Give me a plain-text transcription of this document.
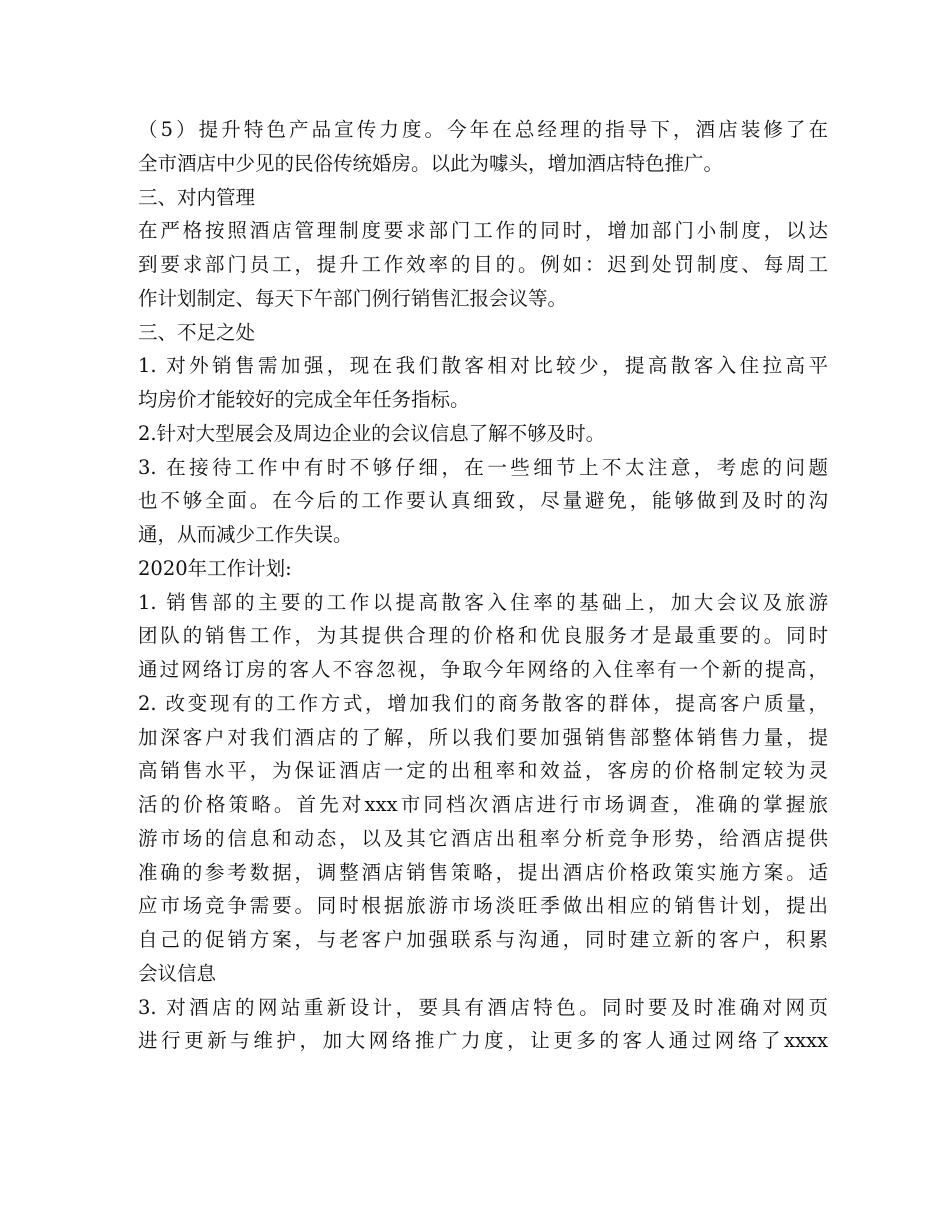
（5）提升特色产品宣传力度。今年在总经理的指导下，酒店装修了在
全市酒店中少见的民俗传统婚房。以此为噱头，增加酒店特色推广。
三、对内管理
在严格按照酒店管理制度要求部门工作的同时，增加部门小制度，以达
到要求部门员工，提升工作效率的目的。例如：迟到处罚制度、每周工
作计划制定、每天下午部门例行销售汇报会议等。
三、不足之处
1. 对外销售需加强，现在我们散客相对比较少，提高散客入住拉高平
均房价才能较好的完成全年任务指标。
2.针对大型展会及周边企业的会议信息了解不够及时。
3. 在接待工作中有时不够仔细，在一些细节上不太注意，考虑的问题
也不够全面。在今后的工作要认真细致，尽量避免，能够做到及时的沟
通，从而减少工作失误。
2020年工作计划:
1. 销售部的主要的工作以提高散客入住率的基础上，加大会议及旅游
团队的销售工作，为其提供合理的价格和优良服务才是最重要的。同时
通过网络订房的客人不容忽视，争取今年网络的入住率有一个新的提高，
2. 改变现有的工作方式，增加我们的商务散客的群体，提高客户质量，
加深客户对我们酒店的了解，所以我们要加强销售部整体销售力量，提
高销售水平，为保证酒店一定的出租率和效益，客房的价格制定较为灵
活的价格策略。首先对xxx市同档次酒店进行市场调查，准确的掌握旅
游市场的信息和动态，以及其它酒店出租率分析竞争形势，给酒店提供
准确的参考数据，调整酒店销售策略，提出酒店价格政策实施方案。适
应市场竞争需要。同时根据旅游市场淡旺季做出相应的销售计划，提出
自己的促销方案，与老客户加强联系与沟通，同时建立新的客户，积累
会议信息
3. 对酒店的网站重新设计，要具有酒店特色。同时要及时准确对网页
进行更新与维护，加大网络推广力度，让更多的客人通过网络了xxxx
